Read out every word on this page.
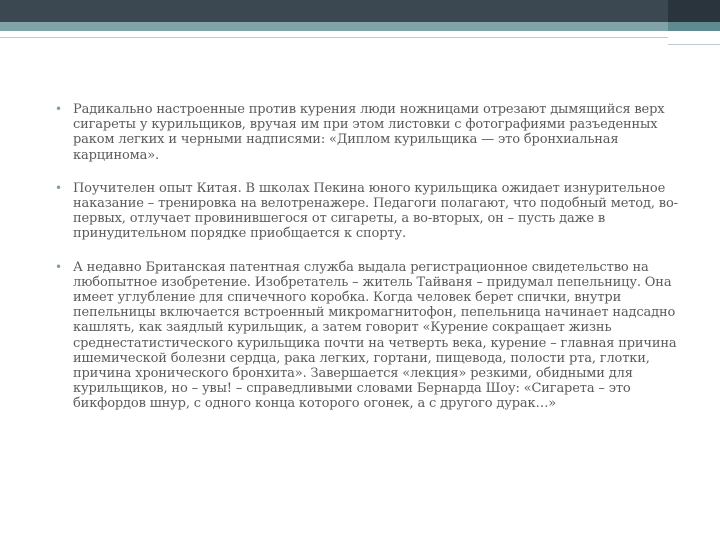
• Радикально настроенные против курения люди ножницами отрезают дымящийся верх сигареты у курильщиков, вручая им при этом листовки с фотографиями разъеденных раком легких и черными надписями: «Диплом курильщика — это бронхиальная карцинома».
• Поучителен опыт Китая. В школах Пекина юного курильщика ожидает изнурительное наказание – тренировка на велотренажере. Педагоги полагают, что подобный метод, во-первых, отлучает провинившегося от сигареты, а во-вторых, он – пусть даже в принудительном порядке приобщается к спорту.
• А недавно Британская патентная служба выдала регистрационное свидетельство на любопытное изобретение. Изобретатель – житель Тайваня – придумал пепельницу. Она имеет углубление для спичечного коробка. Когда человек берет спички, внутри пепельницы включается встроенный микромагнитофон, пепельница начинает надсадно кашлять, как заядлый курильщик, а затем говорит «Курение сокращает жизнь среднестатистического курильщика почти на четверть века, курение – главная причина ишемической болезни сердца, рака легких, гортани, пищевода, полости рта, глотки, причина хронического бронхита». Завершается «лекция» резкими, обидными для курильщиков, но – увы! – справедливыми словами Бернарда Шоу: «Сигарета – это бикфордов шнур, с одного конца которого огонек, а с другого дурак…»
